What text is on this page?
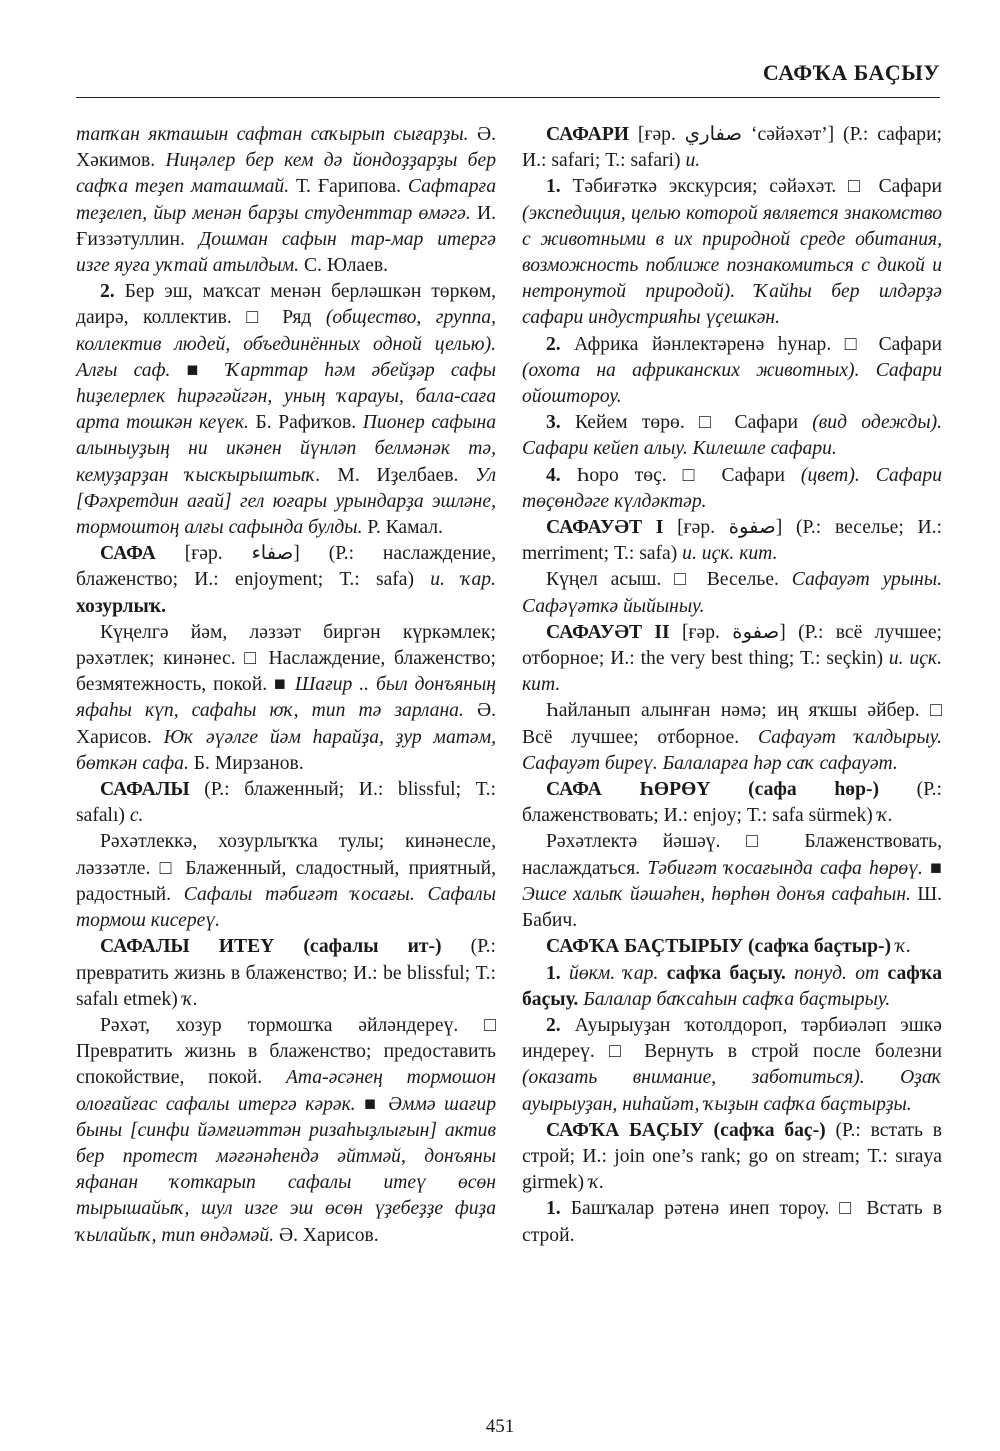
САФҠА БАҪЫУ

тапҡан якташын сафтан саҡырып сығарҙы. Ә. Хәкимов. Ниңәлер бер кем дә йондоҙҙарҙы бер сафҡа теҙеп маташмай. Т. Ғарипова. Сафтарға теҙелеп, йыр менән барҙы студенттар өмәгә. И. Ғиззәтуллин. Дошман сафын тар-мар итергә изге яуға уҡтай атылдым. С. Юлаев.

2. Бер эш, маҡсат менән берләшкән төркөм, даирә, коллектив. □ Ряд (общество, группа, коллектив людей, объединённых одной целью). Алғы саф. ■ Ҡарттар һәм әбейҙәр сафы һиҙелерлек һирәгәйгән, уның ҡарауы, бала-саға арта тошкән кеүек. Б. Рафиҡов. Пионер сафына алыныуҙың ни икәнен йүнләп белмәнәк тә, кемуҙарҙан ҡыскырыштыҡ. М. Иҙелбаев. Ул [Фәхретдин ағай] гел юғары урындарҙа эшләне, тормоштоң алғы сафында булды. Р. Камал.

САФА [ғәр. صفاء] (Р.: наслаждение, блаженство; И.: enjoyment; Т.: safa) и. ҡар. хозурлыҡ.

Күңелгә йәм, ләззәт биргән күркәмлек; рәхәтлек; кинәнес. □ Наслаждение, блаженство; безмятежность, покой. ■ Шағир .. был донъяның яфаһы күп, сафаһы юҡ, тип тә зарлана. Ә. Харисов. Юҡ әүәлге йәм һарайҙа, ҙур матәм, бөткән сафа. Б. Мирзанов.

САФАЛЫ (Р.: блаженный; И.: blissful; Т.: safalı) с.

Рәхәтлеккә, хозурлыҡҡа тулы; кинәнесле, ләззәтле. □ Блаженный, сладостный, приятный, радостный. Сафалы тәбиғәт ҡосағы. Сафалы тормош кисереү.

САФАЛЫ ИТЕҮ (сафалы ит-) (Р.: превратить жизнь в блаженство; И.: be blissful; Т.: safalı etmek) ҡ.

Рәхәт, хозур тормошҡа әйләндереү. □ Превратить жизнь в блаженство; предоставить спокойствие, покой. Ата-әсәнең тормошон олоғайғас сафалы итергә кәрәк. ■ Әммә шағир быны [синфи йәмғиәттән ризаһыҙлығын] актив бер протест мәғәнәһендә әйтмәй, донъяны яфанан ҡоткарып сафалы итеү өсөн тырышайыҡ, шул изге эш өсөн үҙебеҙҙе фиҙа ҡылайыҡ, тип өндәмәй. Ә. Харисов.

САФАРИ [ғәр. صفاري ‘сәйәхәт’] (Р.: сафари; И.: safari; Т.: safari) и.

1. Тәбиғәткә экскурсия; сәйәхәт. □ Сафари (экспедиция, целью которой является знакомство с животными в их природной среде обитания, возможность поближе познакомиться с дикой и нетронутой природой). Ҡайһы бер илдәрҙә сафари индустрияһы үҫешкән.

2. Африка йәнлектәренә һунар. □ Сафари (охота на африканских животных). Сафари ойоштороу.

3. Кейем төрө. □ Сафари (вид одежды). Сафари кейеп алыу. Килешле сафари.

4. Һоро төҫ. □ Сафари (цвет). Сафари төҫөндәге күлдәктәр.

САФАУӘТ I [ғәр. صفوة] (Р.: веселье; И.: merriment; Т.: safa) и. иҫк. кит.

Күңел асыш. □ Веселье. Сафауәт урыны. Сафәүәткә йыйыныу.

САФАУӘТ II [ғәр. صفوة] (Р.: всё лучшее; отборное; И.: the very best thing; Т.: seçkin) и. иҫк. кит.

Һайланып алынған нәмә; иң яҡшы әйбер. □ Всё лучшее; отборное. Сафауәт ҡалдырыу. Сафауәт биреү. Балаларға һәр саҡ сафауәт.

САФА ҺӨРӨҮ (сафа һөр-) (Р.: блаженствовать; И.: enjoy; Т.: safa sürmek) ҡ.

Рәхәтлектә йәшәү. □ Блаженствовать, наслаждаться. Тәбиғәт ҡосағында сафа һөрөү. ■ Эшсе халыҡ йәшәһен, һөрһөн донъя сафаһын. Ш. Бабич.

САФҠА БАҪТЫРЫУ (сафҡа баҫтыр-) ҡ.

1. йөкм. ҡар. сафҡа баҫыу. понуд. от сафҡа баҫыу. Балалар баҡсаһын сафҡа баҫтырыу.

2. Ауырыуҙан ҡотолдороп, тәрбиәләп эшкә индереү. □ Вернуть в строй после болезни (оказать внимание, заботиться). Оҙаҡ ауырыуҙан, ниһайәт, ҡыҙын сафҡа баҫтырҙы.

САФҠА БАҪЫУ (сафҡа баҫ-) (Р.: встать в строй; И.: join one’s rank; go on stream; Т.: sıraya girmek) ҡ.

1. Башҡалар рәтенә инеп тороу. □ Встать в строй.

451
